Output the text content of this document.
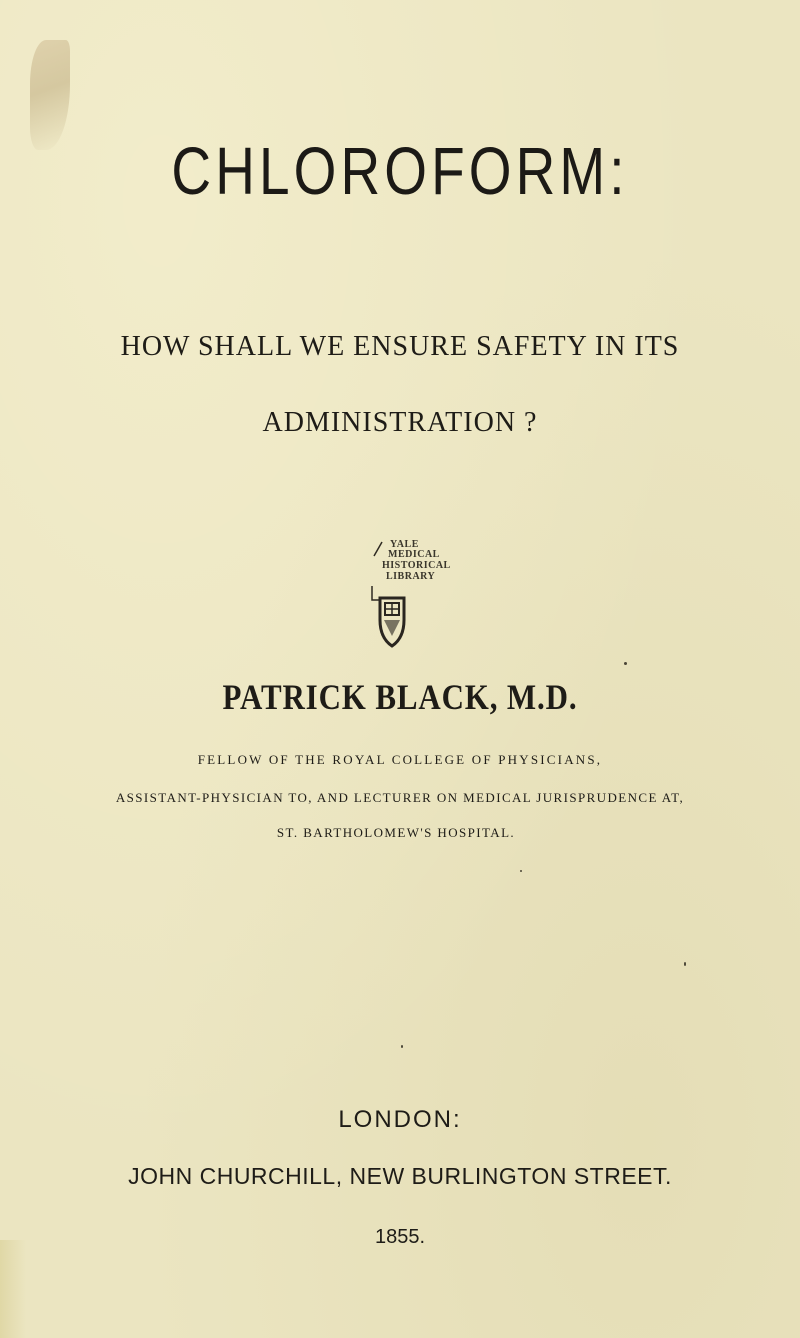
CHLOROFORM:
HOW SHALL WE ENSURE SAFETY IN ITS
ADMINISTRATION ?
YALE
MEDICAL
HISTORICAL
LIBRARY
PATRICK BLACK, M.D.
FELLOW OF THE ROYAL COLLEGE OF PHYSICIANS,
ASSISTANT-PHYSICIAN TO, AND LECTURER ON MEDICAL JURISPRUDENCE AT,
ST. BARTHOLOMEW'S HOSPITAL.
LONDON:
JOHN CHURCHILL, NEW BURLINGTON STREET.
1855.
